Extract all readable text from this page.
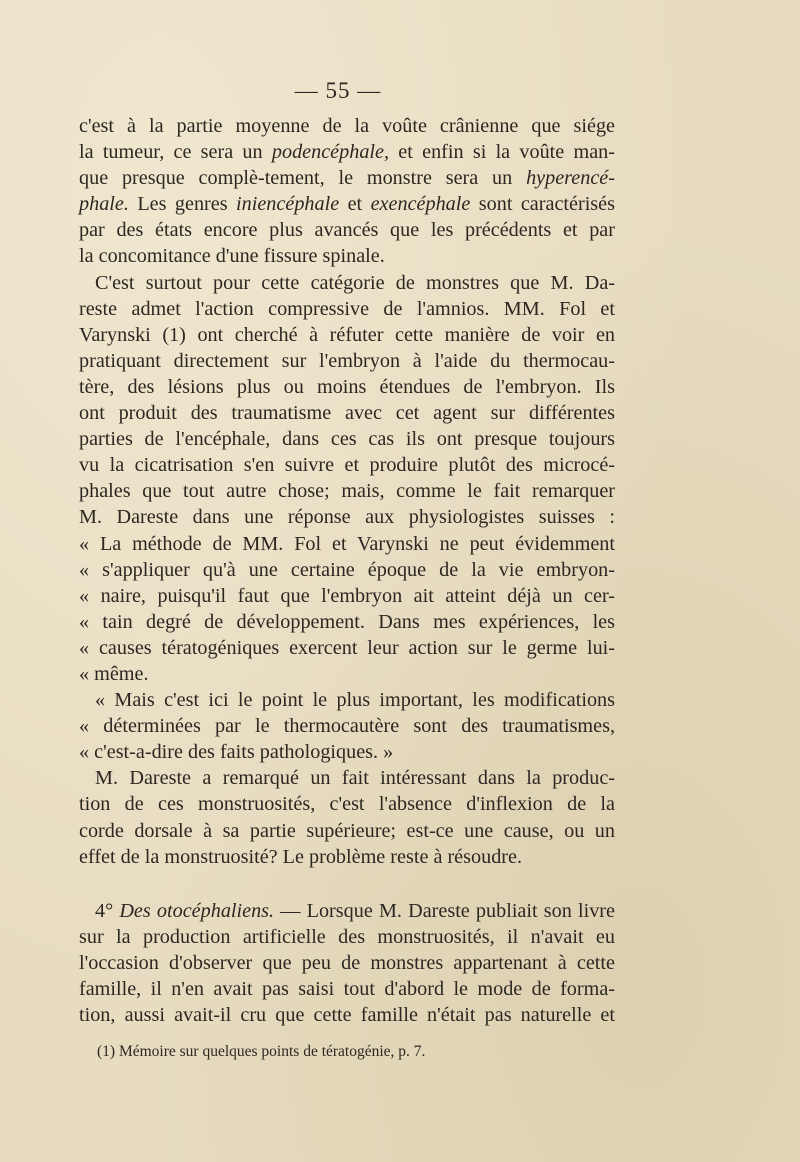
— 55 —
c'est à la partie moyenne de la voûte crânienne que siége
la tumeur, ce sera un podencéphale, et enfin si la voûte man-
que presque complè-tement, le monstre sera un hyperencé-
phale. Les genres iniencéphale et exencéphale sont caractérisés
par des états encore plus avancés que les précédents et par
la concomitance d'une fissure spinale.
C'est surtout pour cette catégorie de monstres que M. Da-
reste admet l'action compressive de l'amnios. MM. Fol et
Varynski (1) ont cherché à réfuter cette manière de voir en
pratiquant directement sur l'embryon à l'aide du thermocau-
tère, des lésions plus ou moins étendues de l'embryon. Ils
ont produit des traumatisme avec cet agent sur différentes
parties de l'encéphale, dans ces cas ils ont presque toujours
vu la cicatrisation s'en suivre et produire plutôt des microcé-
phales que tout autre chose; mais, comme le fait remarquer
M. Dareste dans une réponse aux physiologistes suisses :
« La méthode de MM. Fol et Varynski ne peut évidemment
« s'appliquer qu'à une certaine époque de la vie embryon-
« naire, puisqu'il faut que l'embryon ait atteint déjà un cer-
« tain degré de développement. Dans mes expériences, les
« causes tératogéniques exercent leur action sur le germe lui-
« même.
« Mais c'est ici le point le plus important, les modifications
« déterminées par le thermocautère sont des traumatismes,
« c'est-a-dire des faits pathologiques. »
M. Dareste a remarqué un fait intéressant dans la produc-
tion de ces monstruosités, c'est l'absence d'inflexion de la
corde dorsale à sa partie supérieure; est-ce une cause, ou un
effet de la monstruosité? Le problème reste à résoudre.
4° Des otocéphaliens. — Lorsque M. Dareste publiait son livre
sur la production artificielle des monstruosités, il n'avait eu
l'occasion d'observer que peu de monstres appartenant à cette
famille, il n'en avait pas saisi tout d'abord le mode de forma-
tion, aussi avait-il cru que cette famille n'était pas naturelle et
(1) Mémoire sur quelques points de tératogénie, p. 7.
